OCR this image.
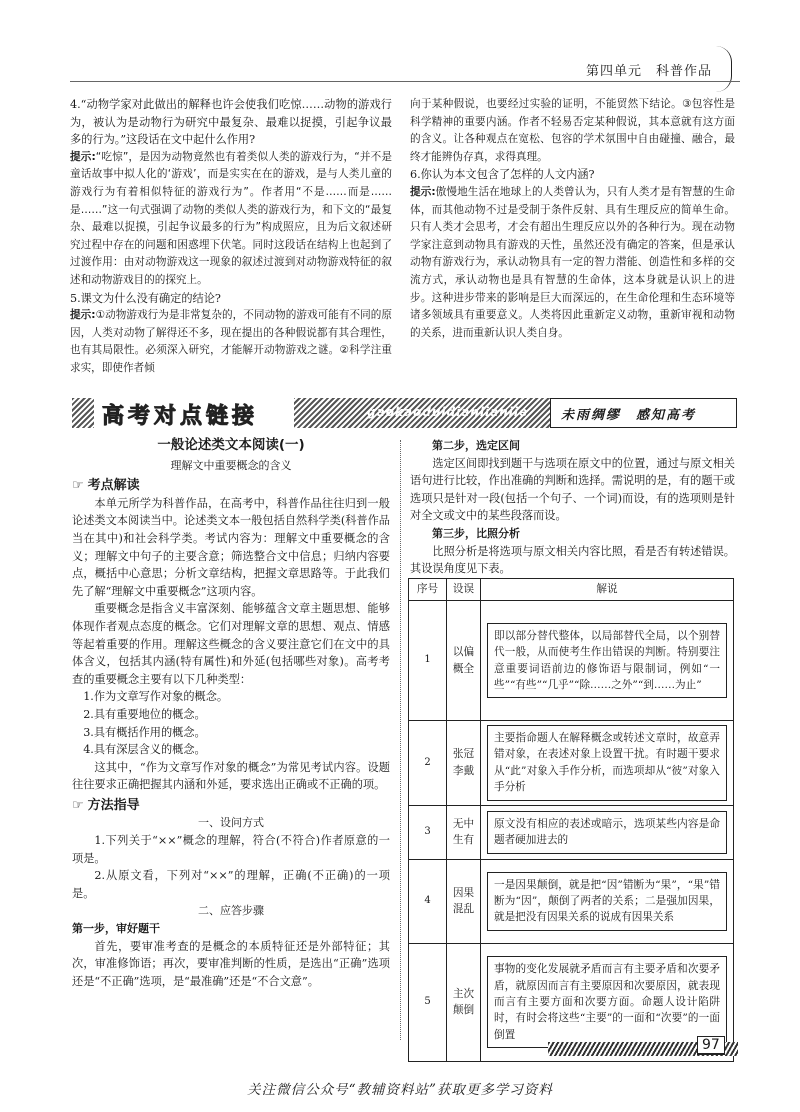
第四单元　科普作品

4.“动物学家对此做出的解释也许会使我们吃惊……动物的游戏行为，被认为是动物行为研究中最复杂、最难以捉摸，引起争议最多的行为。”这段话在文中起什么作用?

提示:“吃惊”，是因为动物竟然也有着类似人类的游戏行为，“并不是童话故事中拟人化的‘游戏’，而是实实在在的游戏，是与人类儿童的游戏行为有着相似特征的游戏行为”。作者用“不是……而是……是……”这一句式强调了动物的类似人类的游戏行为，和下文的“最复杂、最难以捉摸，引起争议最多的行为”构成照应，且为后文叙述研究过程中存在的问题和困惑埋下伏笔。同时这段话在结构上也起到了过渡作用：由对动物游戏这一现象的叙述过渡到对动物游戏特征的叙述和动物游戏目的的探究上。

5.课文为什么没有确定的结论?

提示:①动物游戏行为是非常复杂的，不同动物的游戏可能有不同的原因，人类对动物了解得还不多，现在提出的各种假说都有其合理性，也有其局限性。必须深入研究，才能解开动物游戏之谜。②科学注重求实，即使作者倾

向于某种假说，也要经过实验的证明，不能贸然下结论。③包容性是科学精神的重要内涵。作者不轻易否定某种假说，其本意就有这方面的含义。让各种观点在宽松、包容的学术氛围中自由碰撞、融合，最终才能辨伪存真，求得真理。

6.你认为本文包含了怎样的人文内涵?

提示:傲慢地生活在地球上的人类曾认为，只有人类才是有智慧的生命体，而其他动物不过是受制于条件反射、具有生理反应的简单生命。只有人类才会思考，才会有超出生理反应以外的各种行为。现在动物学家注意到动物具有游戏的天性，虽然还没有确定的答案，但是承认动物有游戏行为，承认动物具有一定的智力潜能、创造性和多样的交流方式，承认动物也是具有智慧的生命体，这本身就是认识上的进步。这种进步带来的影响是巨大而深远的，在生命伦理和生态环境等诸多领域具有重要意义。人类将因此重新定义动物，重新审视和动物的关系，进而重新认识人类自身。

高考对点链接	gaokaoduidianlianjie	未雨绸缪　感知高考
一般论述类文本阅读(一)
理解文中重要概念的含义
☞ 考点解读

本单元所学为科普作品，在高考中，科普作品往往归到一般论述类文本阅读当中。论述类文本一般包括自然科学类(科普作品当在其中)和社会科学类。考试内容为：理解文中重要概念的含义；理解文中句子的主要含意；筛选整合文中信息；归纳内容要点，概括中心意思；分析文章结构，把握文章思路等。于此我们先了解“理解文中重要概念”这项内容。

重要概念是指含义丰富深刻、能够蕴含文章主题思想、能够体现作者观点态度的概念。它们对理解文章的思想、观点、情感等起着重要的作用。理解这些概念的含义要注意它们在文中的具体含义，包括其内涵(特有属性)和外延(包括哪些对象)。高考考查的重要概念主要有以下几种类型：

1.作为文章写作对象的概念。

2.具有重要地位的概念。

3.具有概括作用的概念。

4.具有深层含义的概念。

这其中，“作为文章写作对象的概念”为常见考试内容。设题往往要求正确把握其内涵和外延，要求选出正确或不正确的项。

☞ 方法指导
一、设问方式

1.下列关于“××”概念的理解，符合(不符合)作者原意的一项是。

2.从原文看，下列对“××”的理解，正确(不正确)的一项是。

二、应答步骤

第一步，审好题干

首先，要审准考查的是概念的本质特征还是外部特征；其次，审准修饰语；再次，要审准判断的性质，是选出“正确”选项还是“不正确”选项，是“最准确”还是“不合文意”。

第二步，选定区间

选定区间即找到题干与选项在原文中的位置，通过与原文相关语句进行比较，作出准确的判断和选择。需说明的是，有的题干或选项只是针对一段(包括一个句子、一个词)而设，有的选项则是针对全文或文中的某些段落而设。

第三步，比照分析

比照分析是将选项与原文相关内容比照，看是否有转述错误。其设误角度见下表。

序号	设误	解说
1	以偏概全	即以部分替代整体，以局部替代全局，以个别替代一般，从而使考生作出错误的判断。特别要注意重要词语前边的修饰语与限制词，例如“一些”“有些”“几乎”“除……之外”“到……为止”

2	张冠李戴	主要指命题人在解释概念或转述文章时，故意弄错对象，在表述对象上设置干扰。有时题干要求从“此”对象入手作分析，而选项却从“彼”对象入手分析

3	无中生有	原文没有相应的表述或暗示，选项某些内容是命题者硬加进去的

4	因果混乱	一是因果颠倒，就是把“因”错断为“果”，“果”错断为“因”，颠倒了两者的关系；二是强加因果，就是把没有因果关系的说成有因果关系

5	主次颠倒	事物的变化发展就矛盾而言有主要矛盾和次要矛盾，就原因而言有主要原因和次要原因，就表现而言有主要方面和次要方面。命题人设计陷阱时，有时会将这些“主要”的一面和“次要”的一面倒置
97
关注微信公众号“教辅资料站”获取更多学习资料
